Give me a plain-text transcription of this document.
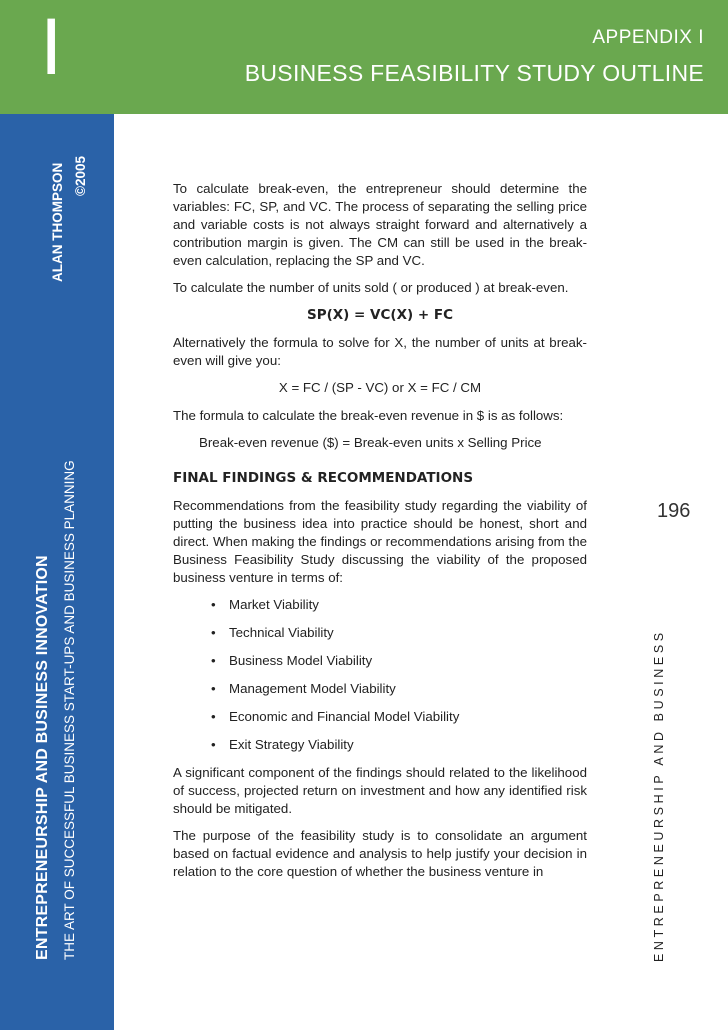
I	APPENDIX I
BUSINESS FEASIBILITY STUDY OUTLINE
ENTREPRENEURSHIP AND BUSINESS INNOVATION THE ART OF SUCCESSFUL BUSINESS START-UPS AND BUSINESS PLANNING
ALAN THOMPSON ©2005
196
ENTREPRENEURSHIP AND BUSINESS

To calculate break-even, the entrepreneur should determine the variables: FC, SP, and VC. The process of separating the selling price and variable costs is not always straight forward and alternatively a contribution margin is given. The CM can still be used in the break-even calculation, replacing the SP and VC.

To calculate the number of units sold ( or produced ) at break-even.

SP(X) = VC(X) + FC

Alternatively the formula to solve for X, the number of units at break-even will give you:

X = FC / (SP - VC) or X = FC / CM

The formula to calculate the break-even revenue in $ is as follows:

Break-even revenue ($) = Break-even units x Selling Price
FINAL FINDINGS & RECOMMENDATIONS

Recommendations from the feasibility study regarding the viability of putting the business idea into practice should be honest, short and direct. When making the findings or recommendations arising from the Business Feasibility Study discussing the viability of the proposed business venture in terms of:

•	Market Viability
•	Technical Viability
•	Business Model Viability
•	Management Model Viability
•	Economic and Financial Model Viability
•	Exit Strategy Viability

A significant component of the findings should related to the likelihood of success, projected return on investment and how any identified risk should be mitigated.

The purpose of the feasibility study is to consolidate an argument based on factual evidence and analysis to help justify your decision in relation to the core question of whether the business venture in
